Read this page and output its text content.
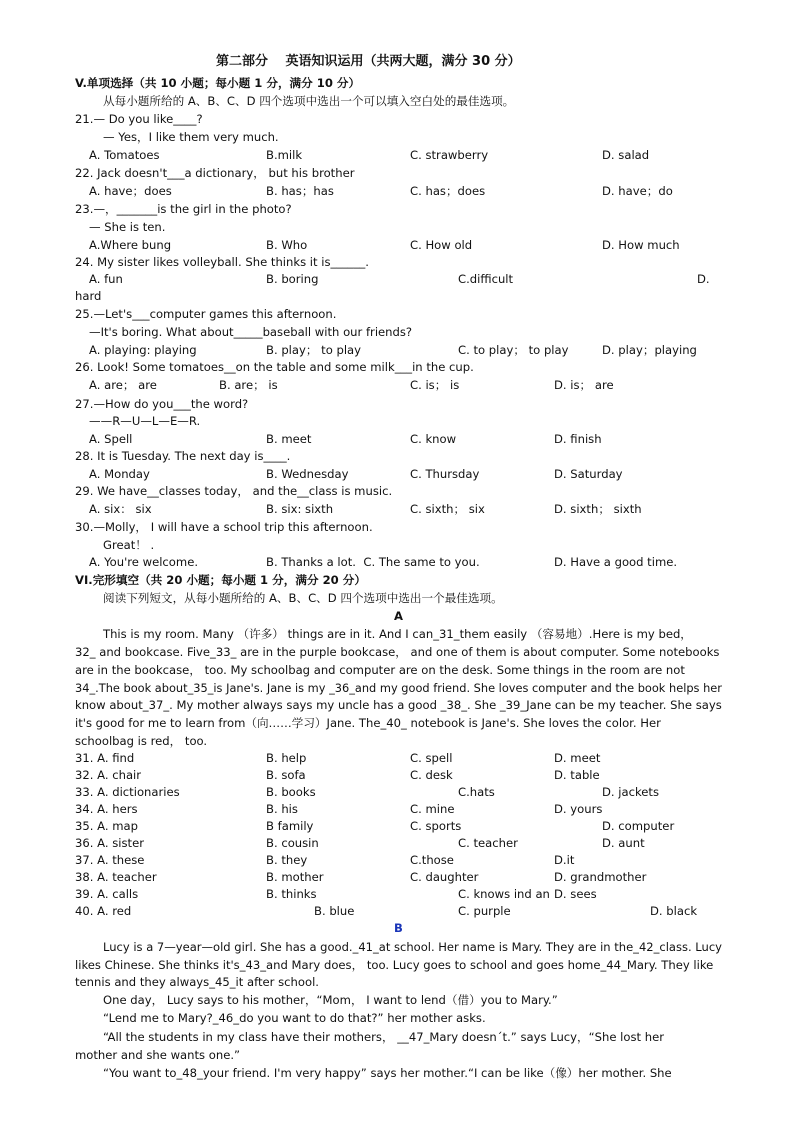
第二部分　 英语知识运用（共两大题，满分 30 分）
V.单项选择（共 10 小题；每小题 1 分，满分 10 分）
从每小题所给的 A、B、C、D 四个选项中选出一个可以填入空白处的最佳选项。
21.— Do you like____?
— Yes，I like them very much.
A. Tomatoes	B.milk	C. strawberry	D. salad
22. Jack doesn't___a dictionary， but his brother
A. have；does	B. has；has	C. has；does	D. have；do
23.—，_______is the girl in the photo?
— She is ten.
A.Where bung	B. Who	C. How old	D. How much
24. My sister likes volleyball. She thinks it is______.
A. fun	B. boring	C.difficult	D.
hard
25.—Let's___computer games this afternoon.
—It's boring. What about_____baseball with our friends?
A. playing: playing	B. play； to play	C. to play； to play	D. play；playing
26. Look! Some tomatoes__on the table and some milk___in the cup.
A. are； are	B. are； is	C. is； is	D. is； are
27.—How do you___the word?
——R—U—L—E—R.
A. Spell	B. meet	C. know	D. finish
28. It is Tuesday. The next day is____.
A. Monday	B. Wednesday	C. Thursday	D. Saturday
29. We have__classes today， and the__class is music.
A. six： six	B. six: sixth	C. sixth； six	D. sixth； sixth
30.—Molly， I will have a school trip this afternoon.
Great！ .
A. You're welcome.	B. Thanks a lot.  C. The same to you.	D. Have a good time.
VI.完形填空（共 20 小题；每小题 1 分，满分 20 分）
阅读下列短文，从每小题所给的 A、B、C、D 四个选项中选出一个最佳选项。
A
This is my room. Many （许多） things are in it. And I can_31_them easily （容易地）.Here is my bed，
32_ and bookcase. Five_33_ are in the purple bookcase， and one of them is about computer. Some notebooks
are in the bookcase， too. My schoolbag and computer are on the desk. Some things in the room are not
34_.The book about_35_is Jane's. Jane is my _36_and my good friend. She loves computer and the book helps her
know about_37_. My mother always says my uncle has a good _38_. She _39_Jane can be my teacher. She says
it's good for me to learn from（向……学习）Jane. The_40_ notebook is Jane's. She loves the color. Her
schoolbag is red， too.
31. A. find	B. help	C. spell	D. meet
32. A. chair	B. sofa	C. desk	D. table
33. A. dictionaries	B. books	C.hats	D. jackets
34. A. hers	B. his	C. mine	D. yours
35. A. map	B family	C. sports	D. computer
36. A. sister	B. cousin	C. teacher	D. aunt
37. A. these	B. they	C.those	D.it
38. A. teacher	B. mother	C. daughter	D. grandmother
39. A. calls	B. thinks	C. knows ind an D. sees
40. A. red	B. blue	C. purple	D. black
B
Lucy is a 7—year—old girl. She has a good._41_at school. Her name is Mary. They are in the_42_class. Lucy
likes Chinese. She thinks it's_43_and Mary does， too. Lucy goes to school and goes home_44_Mary. They like
tennis and they always_45_it after school.
One day， Lucy says to his mother，“Mom， I want to lend（借）you to Mary.”
“Lend me to Mary?_46_do you want to do that?” her mother asks.
“All the students in my class have their mothers， __47_Mary doesn´t.” says Lucy，“She lost her
mother and she wants one.”
“You want to_48_your friend. I'm very happy” says her mother.“I can be like（像）her mother. She
